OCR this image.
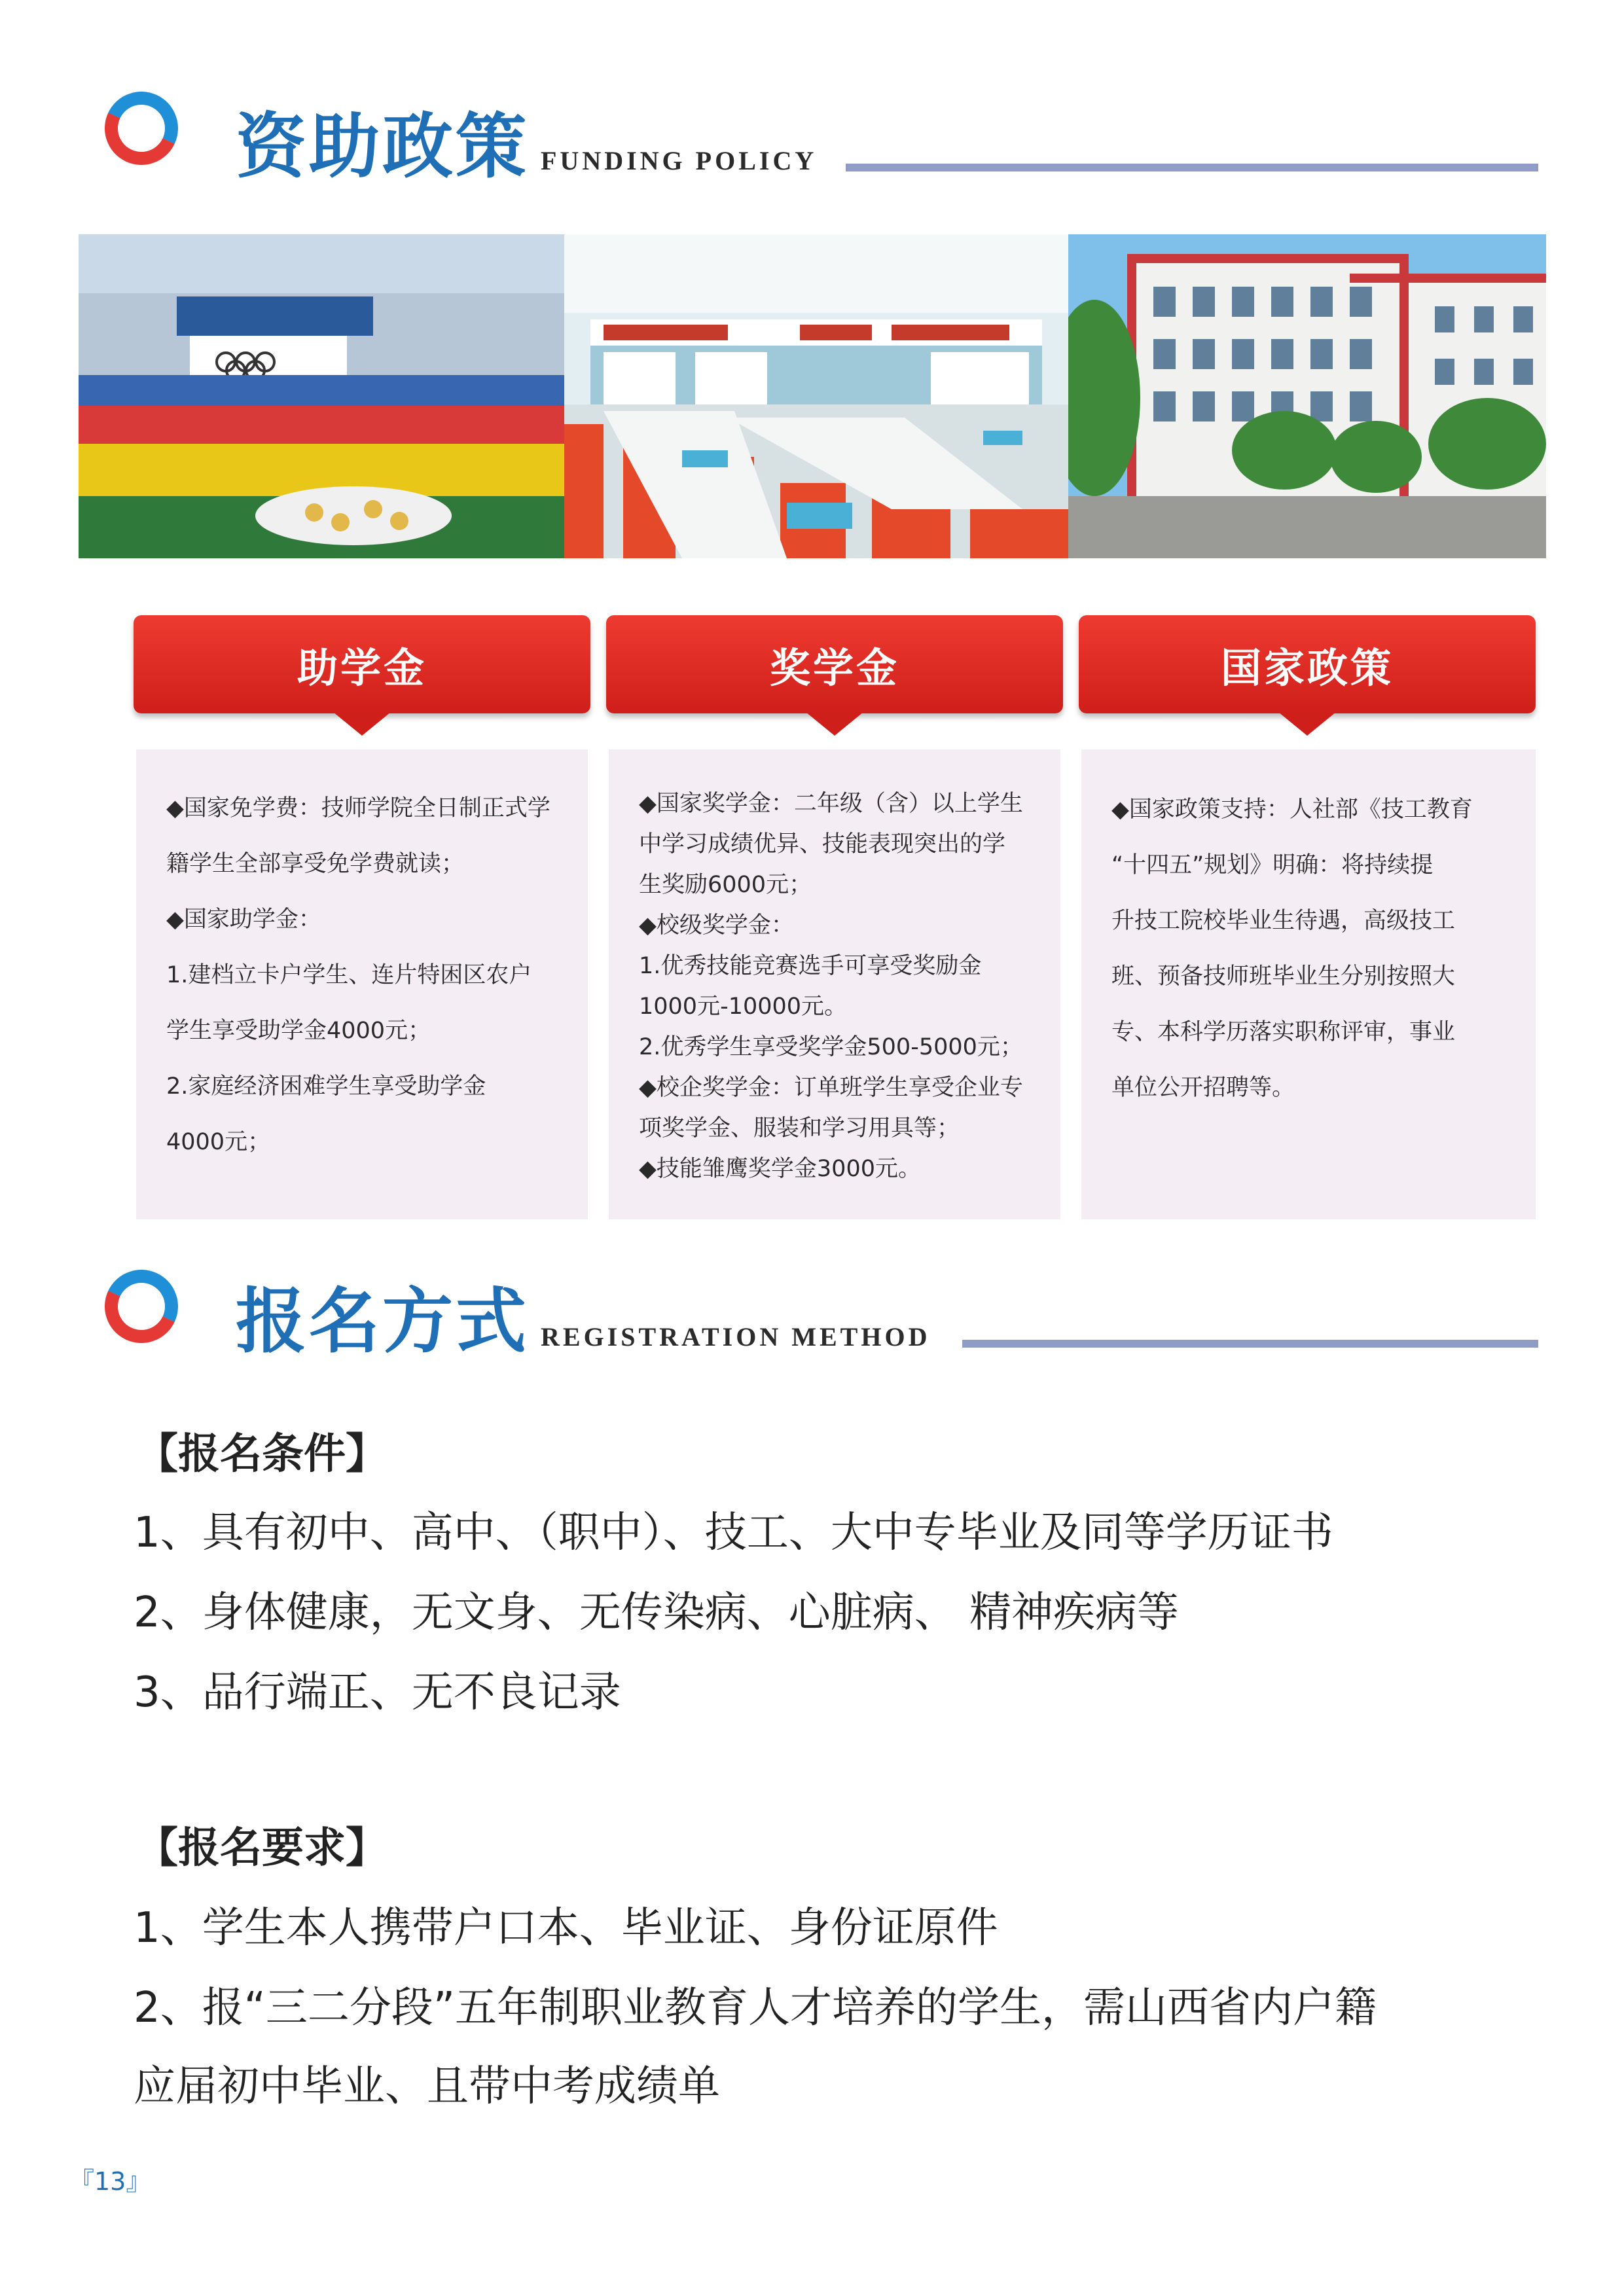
资助政策 FUNDING POLICY
助学金	奖学金	国家政策

◆国家免学费：技师学院全日制正式学

籍学生全部享受免学费就读；

◆国家助学金：

1.建档立卡户学生、连片特困区农户

学生享受助学金4000元；

2.家庭经济困难学生享受助学金

4000元；

◆国家奖学金：二年级（含）以上学生

中学习成绩优异、技能表现突出的学

生奖励6000元；

◆校级奖学金：

1.优秀技能竞赛选手可享受奖励金

1000元-10000元。

2.优秀学生享受奖学金500-5000元；

◆校企奖学金：订单班学生享受企业专

项奖学金、服装和学习用具等；

◆技能雏鹰奖学金3000元。

◆国家政策支持：人社部《技工教育

“十四五”规划》明确：将持续提

升技工院校毕业生待遇，高级技工

班、预备技师班毕业生分别按照大

专、本科学历落实职称评审，事业

单位公开招聘等。

报名方式 REGISTRATION METHOD
【报名条件】
1、具有初中、高中、（职中）、技工、大中专毕业及同等学历证书
2、身体健康，无文身、无传染病、心脏病、 精神疾病等
3、品行端正、无不良记录
【报名要求】
1、学生本人携带户口本、毕业证、身份证原件
2、报“三二分段”五年制职业教育人才培养的学生，需山西省内户籍
应届初中毕业、且带中考成绩单
『13』
